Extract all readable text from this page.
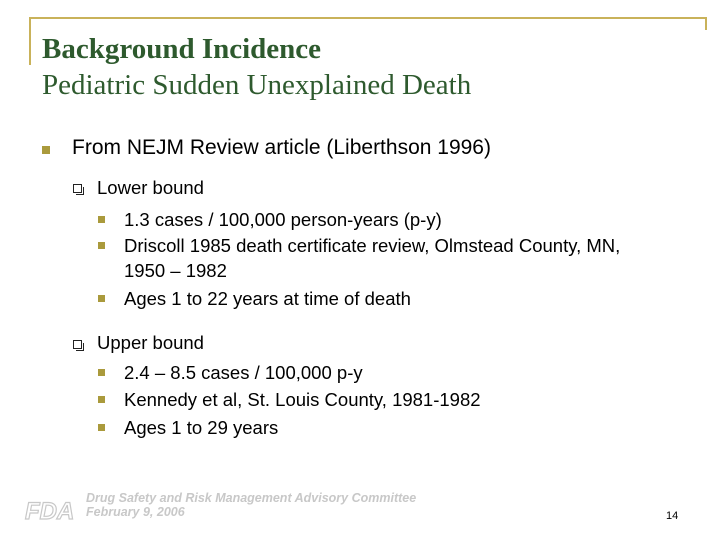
Background Incidence
Pediatric Sudden Unexplained Death
From NEJM Review article (Liberthson 1996)
Lower bound
1.3 cases / 100,000 person-years (p-y)
Driscoll 1985 death certificate review, Olmstead County, MN,
1950 – 1982
Ages 1 to 22 years at time of death
Upper bound
2.4 – 8.5 cases / 100,000 p-y
Kennedy et al, St. Louis County, 1981-1982
Ages 1 to 29 years
FDA Drug Safety and Risk Management Advisory Committee
February 9, 2006	14
